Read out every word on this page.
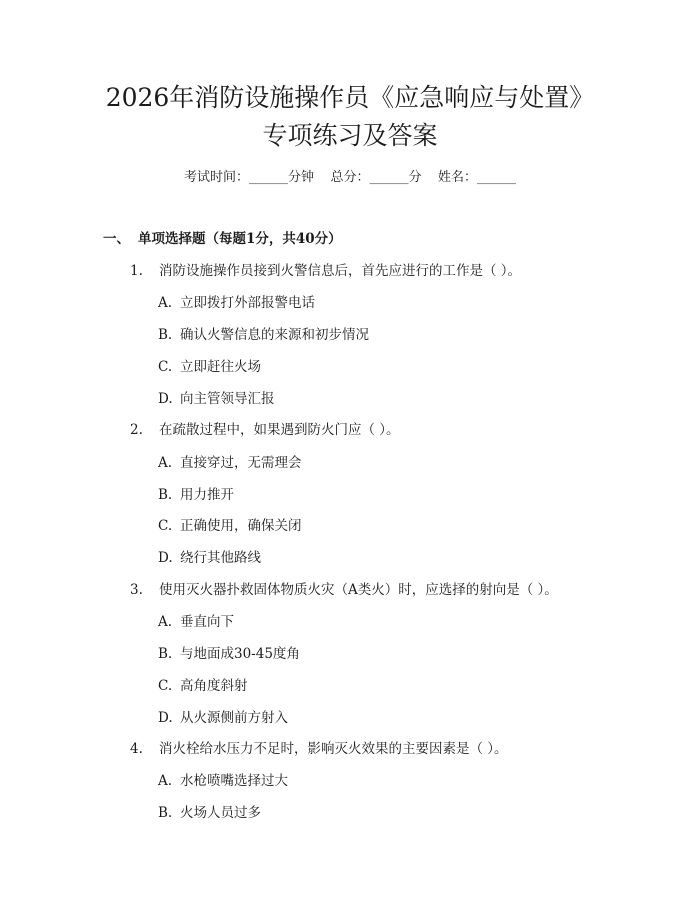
2026年消防设施操作员《应急响应与处置》
专项练习及答案
考试时间：______分钟    总分：______分    姓名：______
一、 单项选择题（每题1分，共40分）
1. 消防设施操作员接到火警信息后，首先应进行的工作是（ ）。
A. 立即拨打外部报警电话
B. 确认火警信息的来源和初步情况
C. 立即赶往火场
D. 向主管领导汇报
2. 在疏散过程中，如果遇到防火门应（ ）。
A. 直接穿过，无需理会
B. 用力推开
C. 正确使用，确保关闭
D. 绕行其他路线
3. 使用灭火器扑救固体物质火灾（A类火）时，应选择的射向是（ ）。
A. 垂直向下
B. 与地面成30-45度角
C. 高角度斜射
D. 从火源侧前方射入
4. 消火栓给水压力不足时，影响灭火效果的主要因素是（ ）。
A. 水枪喷嘴选择过大
B. 火场人员过多
